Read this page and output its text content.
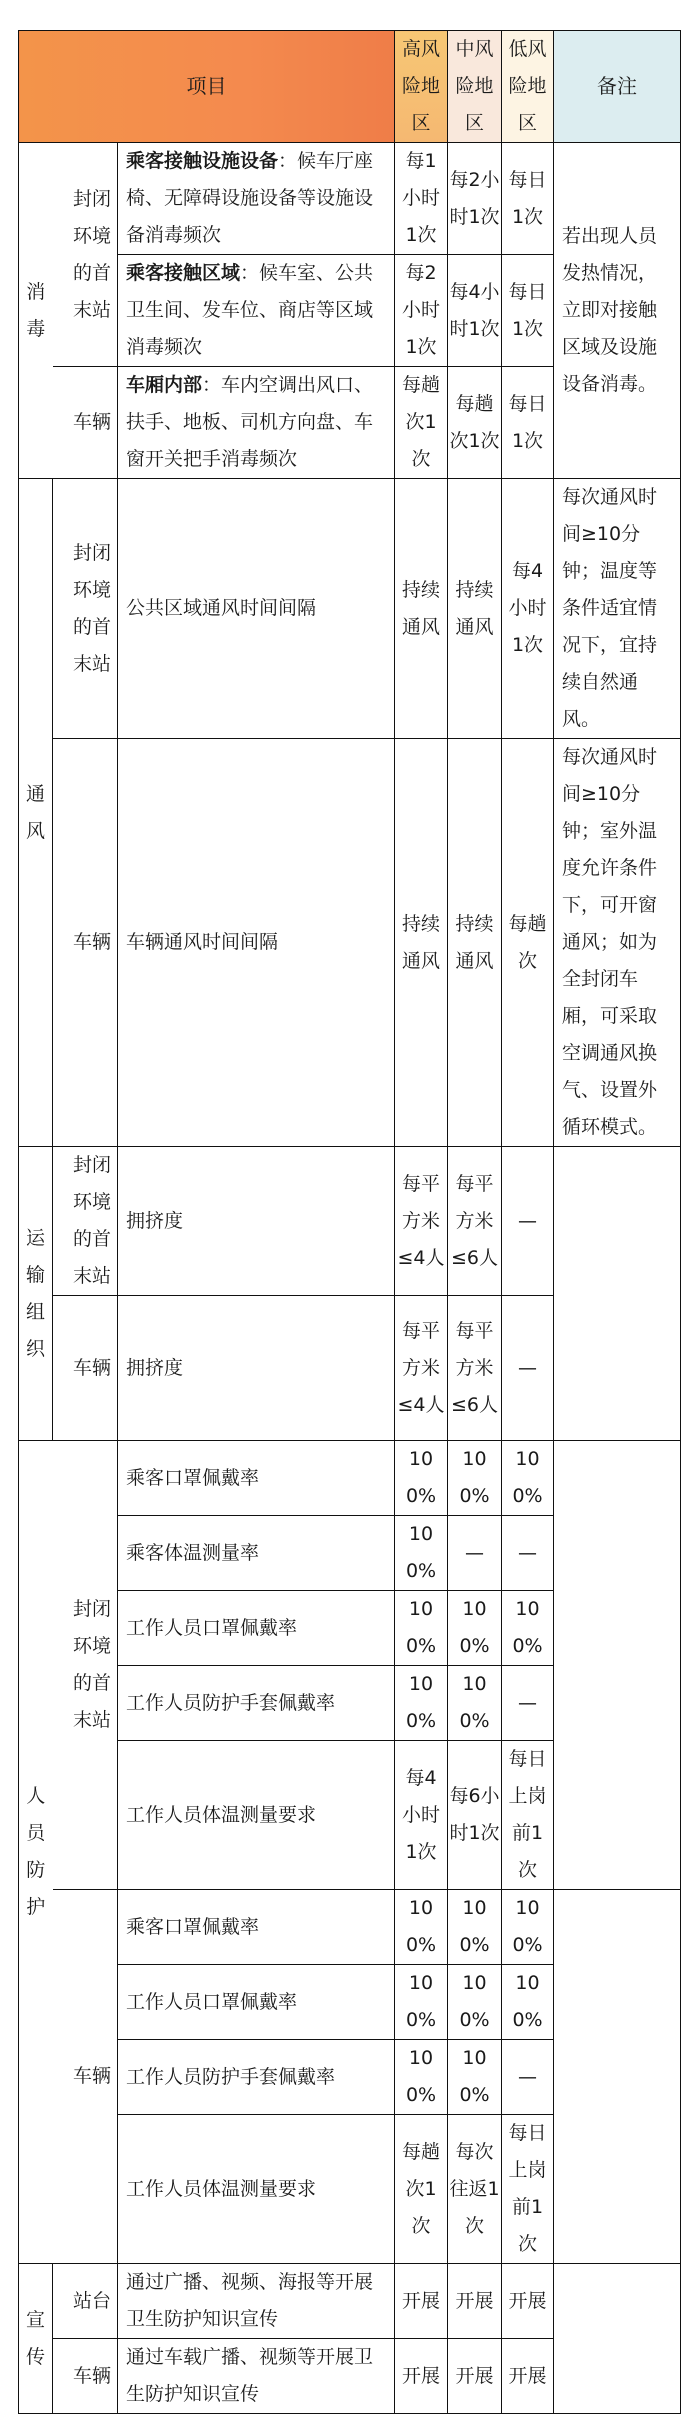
项目			高风险地区	中风险地区	低风险地区	备注
消毒	封闭环境的首末站	乘客接触设施设备：候车厅座椅、无障碍设施设备等设施设备消毒频次	每1小时1次	每2小时1次	每日1次	若出现人员发热情况，立即对接触区域及设施设备消毒。
		乘客接触区域：候车室、公共卫生间、发车位、商店等区域消毒频次	每2小时1次	每4小时1次	每日1次	
	车辆	车厢内部：车内空调出风口、扶手、地板、司机方向盘、车窗开关把手消毒频次	每趟次1次	每趟次1次	每日1次	
通风	封闭环境的首末站	公共区域通风时间间隔	持续通风	持续通风	每4小时1次	每次通风时间≥10分钟；温度等条件适宜情况下，宜持续自然通风。
	车辆	车辆通风时间间隔	持续通风	持续通风	每趟次	每次通风时间≥10分钟；室外温度允许条件下，可开窗通风；如为全封闭车厢，可采取空调通风换气、设置外循环模式。
运输组织	封闭环境的首末站	拥挤度	每平方米≤4人	每平方米≤6人	—	
	车辆	拥挤度	每平方米≤4人	每平方米≤6人	—	
人员防护	封闭环境的首末站	乘客口罩佩戴率	100%	100%	100%	
		乘客体温测量率	100%	—	—	
		工作人员口罩佩戴率	100%	100%	100%	
		工作人员防护手套佩戴率	100%	100%	—	
		工作人员体温测量要求	每4小时1次	每6小时1次	每日上岗前1次	
	车辆	乘客口罩佩戴率	100%	100%	100%	
		工作人员口罩佩戴率	100%	100%	100%	
		工作人员防护手套佩戴率	100%	100%	—	
		工作人员体温测量要求	每趟次1次	每次往返1次	每日上岗前1次	
宣传	站台	通过广播、视频、海报等开展卫生防护知识宣传	开展	开展	开展	
	车辆	通过车载广播、视频等开展卫生防护知识宣传	开展	开展	开展	
